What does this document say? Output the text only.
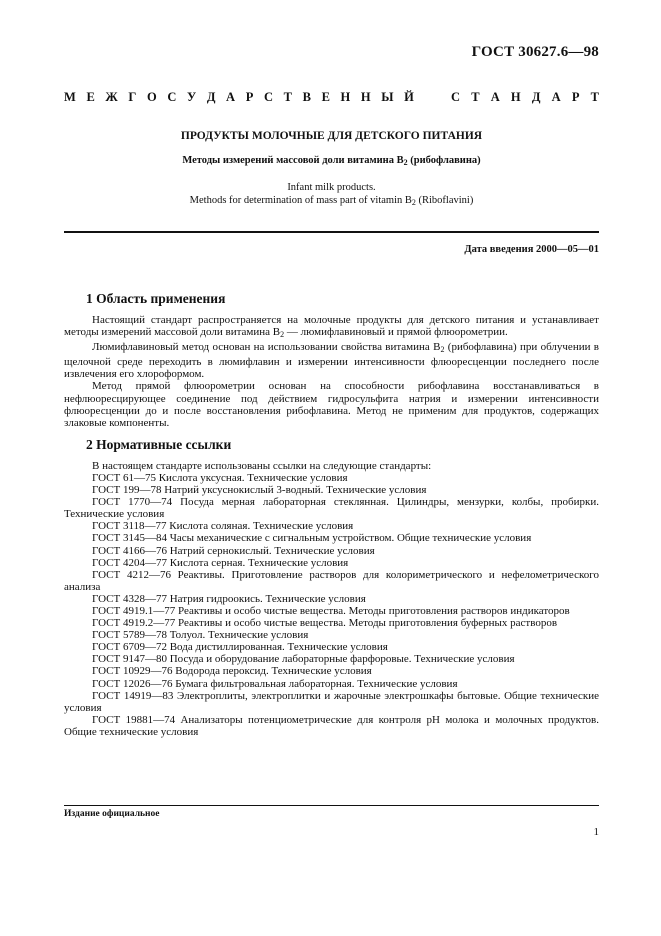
ГОСТ 30627.6—98
М Е Ж Г О С У Д А Р С Т В Е Н Н Ы Й	С Т А Н Д А Р Т
ПРОДУКТЫ МОЛОЧНЫЕ ДЛЯ ДЕТСКОГО ПИТАНИЯ
Методы измерений массовой доли витамина $B_2$ (рибофлавина)
Infant milk products.
Methods for determination of mass part of vitamin $B_2$ (Riboflavini)
Дата введения 2000—05—01
1 Область применения

Настоящий стандарт распространяется на молочные продукты для детского питания и устанавливает методы измерений массовой доли витамина $B_2$ — люмифлавиновый и прямой флюорометрии.

Люмифлавиновый метод основан на использовании свойства витамина $B_2$ (рибофлавина) при облучении в щелочной среде переходить в люмифлавин и измерении интенсивности флюоресценции последнего после извлечения его хлороформом.

Метод прямой флюорометрии основан на способности рибофлавина восстанавливаться в нефлюоресцирующее соединение под действием гидросульфита натрия и измерении интенсивности флюоресценции до и после восстановления рибофлавина. Метод не применим для продуктов, содержащих злаковые компоненты.

2 Нормативные ссылки

В настоящем стандарте использованы ссылки на следующие стандарты:

ГОСТ 61—75 Кислота уксусная. Технические условия
ГОСТ 199—78 Натрий уксуснокислый 3-водный. Технические условия
ГОСТ 1770—74 Посуда мерная лабораторная стеклянная. Цилиндры, мензурки, колбы, пробирки. Технические условия
ГОСТ 3118—77 Кислота соляная. Технические условия
ГОСТ 3145—84 Часы механические с сигнальным устройством. Общие технические условия
ГОСТ 4166—76 Натрий сернокислый. Технические условия
ГОСТ 4204—77 Кислота серная. Технические условия
ГОСТ 4212—76 Реактивы. Приготовление растворов для колориметрического и нефелометрического анализа
ГОСТ 4328—77 Натрия гидроокись. Технические условия
ГОСТ 4919.1—77 Реактивы и особо чистые вещества. Методы приготовления растворов индикаторов
ГОСТ 4919.2—77 Реактивы и особо чистые вещества. Методы приготовления буферных растворов
ГОСТ 5789—78 Толуол. Технические условия
ГОСТ 6709—72 Вода дистиллированная. Технические условия
ГОСТ 9147—80 Посуда и оборудование лабораторные фарфоровые. Технические условия
ГОСТ 10929—76 Водорода пероксид. Технические условия
ГОСТ 12026—76 Бумага фильтровальная лабораторная. Технические условия
ГОСТ 14919—83 Электроплиты, электроплитки и жарочные электрошкафы бытовые. Общие технические условия
ГОСТ 19881—74 Анализаторы потенциометрические для контроля pH молока и молочных продуктов. Общие технические условия
Издание официальное
1
